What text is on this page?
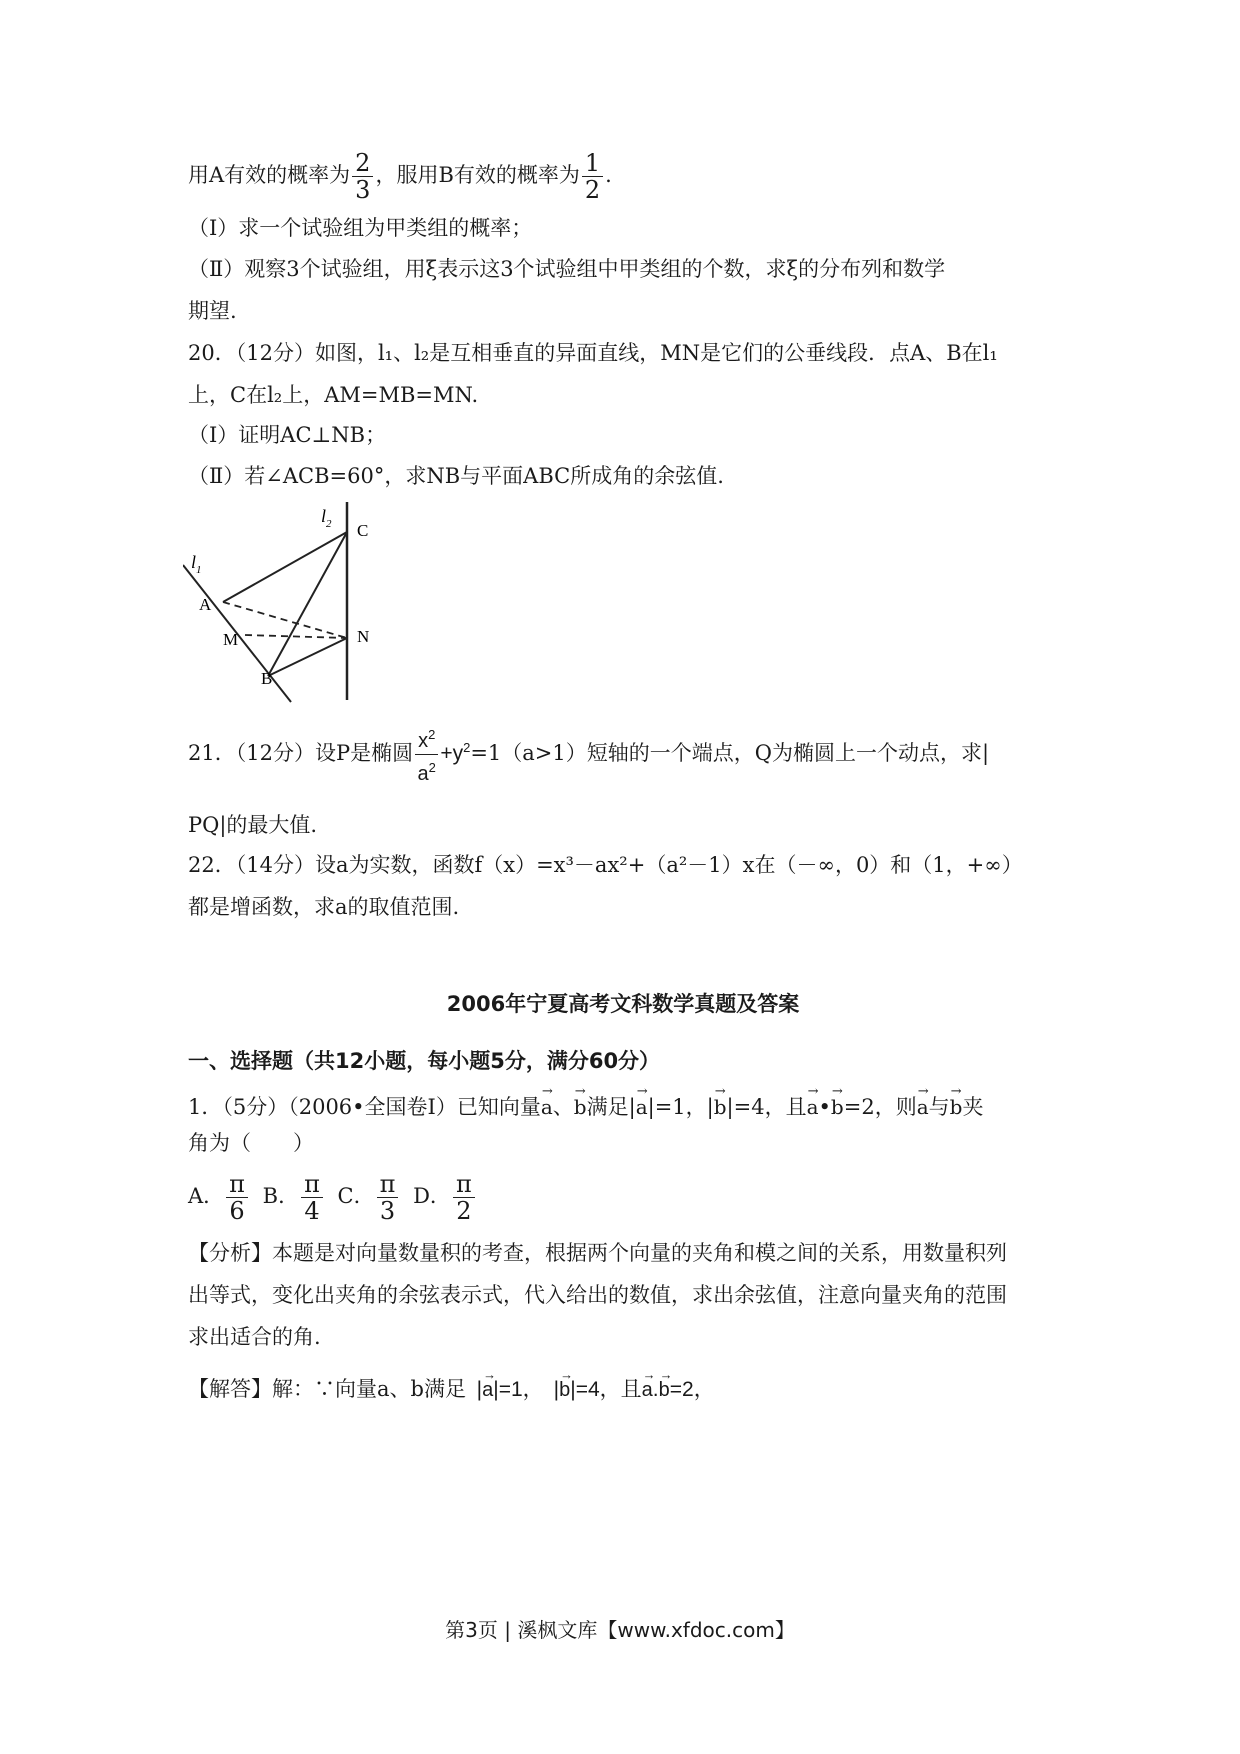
用A有效的概率为 $\frac{2}{3}$ ，服用B有效的概率为 $\frac{1}{2}$ .
（Ⅰ）求一个试验组为甲类组的概率；
（Ⅱ）观察3个试验组，用ξ表示这3个试验组中甲类组的个数，求ξ的分布列和数学
期望.
20．（12分）如图，l₁、l₂是互相垂直的异面直线，MN是它们的公垂线段．点A、B在l₁
上，C在l₂上，AM=MB=MN.
（Ⅰ）证明AC⊥NB；
（Ⅱ）若∠ACB=60°，求NB与平面ABC所成角的余弦值.
$l_1$
$l_2$ C
A
M	N
B
21．（12分）设P是椭圆 $\frac{x^2}{a^2} +y^2=1(a>1)$短轴的一个端点，Q为椭圆上一个动点，求|
PQ|的最大值.
22．（14分）设a为实数，函数f（x）=x³－ax²+（a²－1）x在（－∞，0）和（1，+∞）
都是增函数，求a的取值范围.
2006年宁夏高考文科数学真题及答案
一、选择题（共12小题，每小题5分，满分60分）
1．（5分）（2006•全国卷Ⅰ）已知向量→ a、→ b满足|→ a|=1，|→ b|=4，且→ a•→ b=2，则→ a与→ b夹
角为（　　）
A． $\frac{\pi}{6}$ B． $\frac{\pi}{4}$ C． $\frac{\pi}{3}$ D． $\frac{\pi}{2}$
【分析】本题是对向量数量积的考查，根据两个向量的夹角和模之间的关系，用数量积列
出等式，变化出夹角的余弦表示式，代入给出的数值，求出余弦值，注意向量夹角的范围
求出适合的角.
【解答】解：∵向量a、b满足 |→ a|=1， |→ b|=4，且→ a.→ b=2，
第3页 | 溪枫文库【www.xfdoc.com】
